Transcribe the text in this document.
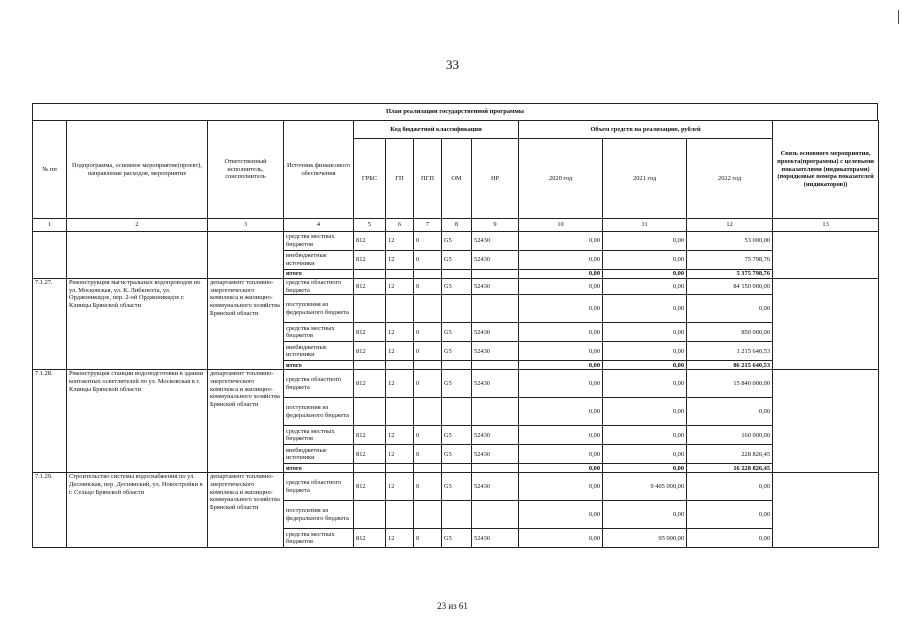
33
План реализации государственной программы
№ пп	Подпрограмма, основное мероприятие(проект), направление расходов, мероприятие	Ответственный исполнитель, соисполнитель	Источник финансового обеспечения	Код бюджетной классификации					Объем средств на реализацию, рублей			Связь основного мероприятия, проекта(программы) с целевыми показателями (индикаторами) (порядковые номера показателей (индикаторов))
				ГРБС	ГП	ПГП	ОМ	НР	2020 год	2021 год	2022 год	
1	2	3	4	5	6	7	8	9	10	11	12	13
			средства местных бюджетов	812	12	0	G5	52430	0,00	0,00	53 000,00	
			внебюджетные источники	812	12	0	G5	52430	0,00	0,00	75 798,76	
			итого						0,00	0,00	5 375 798,76	
7.1.27.	Реконструкция магистральных водопроводов по ул. Московская, ул. К. Либкнехта, ул. Орджоникидзе, пер. 2-ой Орджоникидзе г. Клинцы Брянской области	департамент топливно-энергетического комплекса и жилищно-коммунального хозяйства Брянской области	средства областного бюджета	812	12	0	G5	52430	0,00	0,00	84 150 000,00	
			поступления из федерального бюджета						0,00	0,00	0,00	
			средства местных бюджетов	812	12	0	G5	52430	0,00	0,00	850 000,00	
			внебюджетные источники	812	12	0	G5	52430	0,00	0,00	1 215 640,53	
			итого						0,00	0,00	86 215 640,53	
7.1.28.	Реконструкция станции водоподготовки в здании контактных осветлителей по ул. Московская в г. Клинцы Брянской области	департамент топливно-энергетического комплекса и жилищно-коммунального хозяйства Брянской области	средства областного бюджета	812	12	0	G5	52430	0,00	0,00	15 840 000,00	
			поступления из федерального бюджета						0,00	0,00	0,00	
			средства местных бюджетов	812	12	0	G5	52430	0,00	0,00	160 000,00	
			внебюджетные источники	812	12	0	G5	52430	0,00	0,00	228 826,45	
			итого						0,00	0,00	16 228 826,45	
7.1.29.	Строительство системы водоснабжения по ул. Деснянская, пер. Деснянский, ул. Новостройки в г. Сельцо Брянской области	департамент топливно-энергетического комплекса и жилищно-коммунального хозяйства Брянской области	средства областного бюджета	812	12	0	G5	52430	0,00	9 405 000,00	0,00	
			поступления из федерального бюджета						0,00	0,00	0,00	
			средства местных бюджетов	812	12	0	G5	52430	0,00	95 000,00	0,00	
23 из 61
